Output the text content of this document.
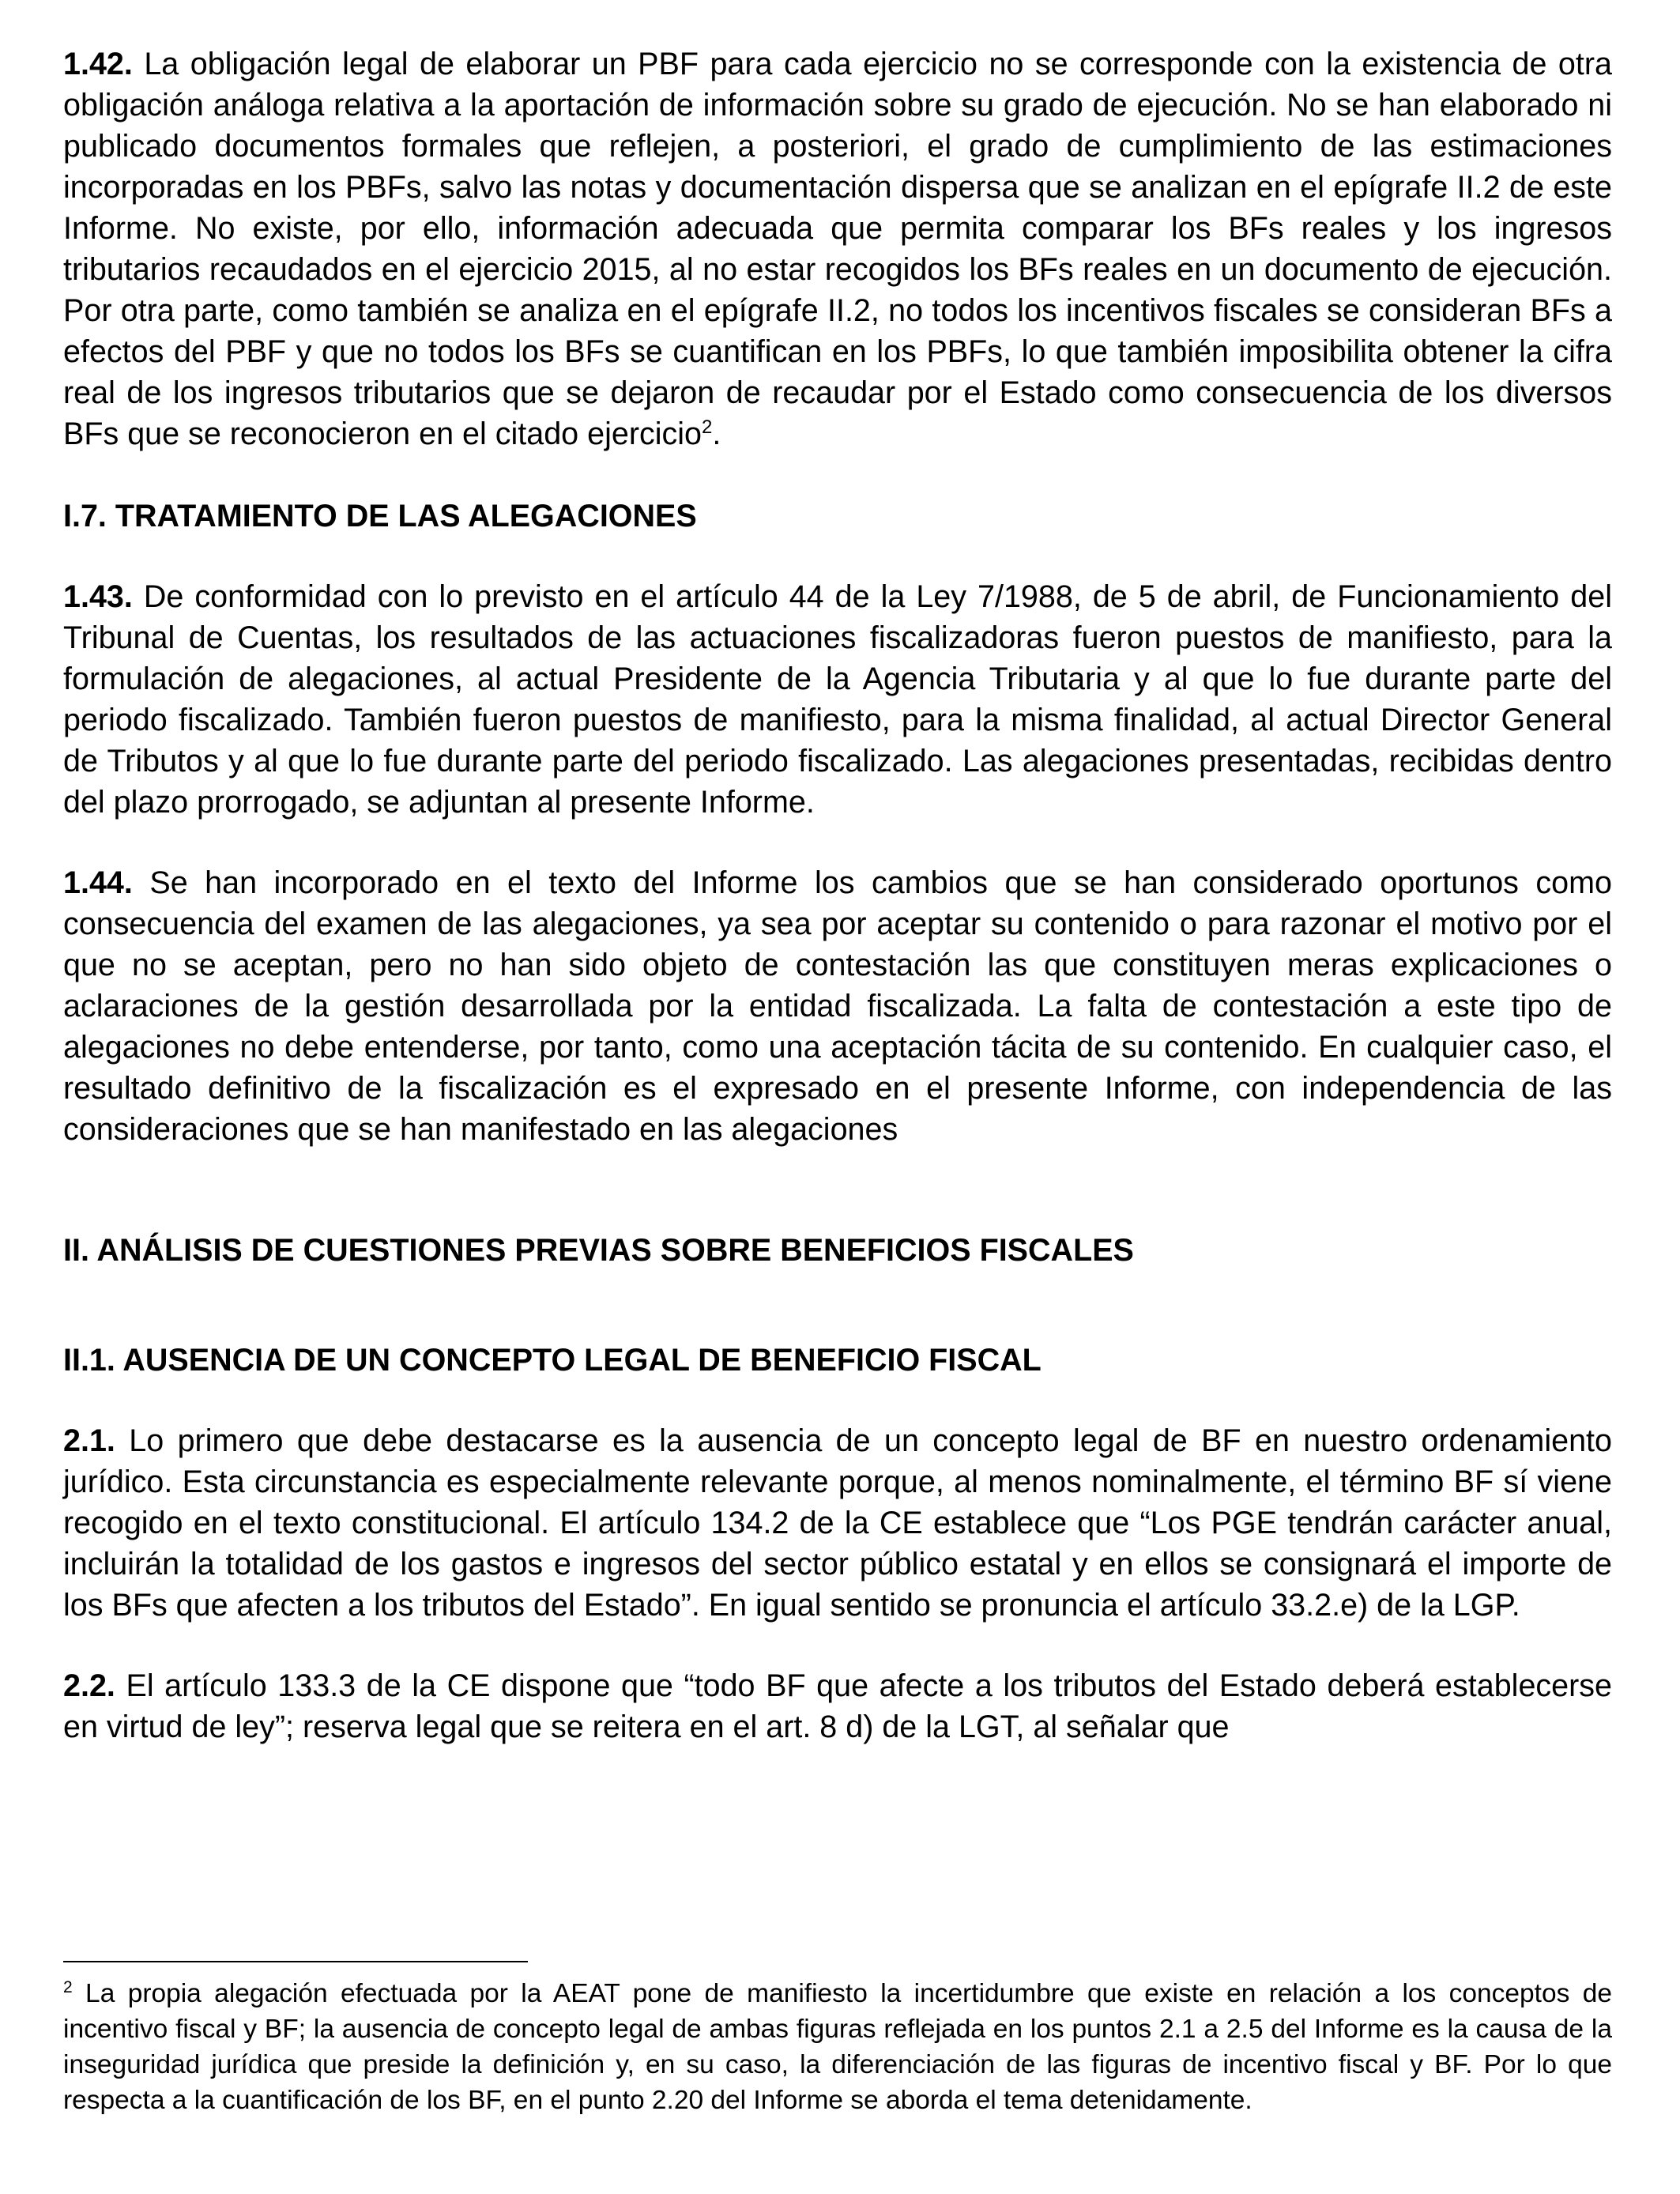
1.42. La obligación legal de elaborar un PBF para cada ejercicio no se corresponde con la existencia de otra obligación análoga relativa a la aportación de información sobre su grado de ejecución. No se han elaborado ni publicado documentos formales que reflejen, a posteriori, el grado de cumplimiento de las estimaciones incorporadas en los PBFs, salvo las notas y documentación dispersa que se analizan en el epígrafe II.2 de este Informe. No existe, por ello, información adecuada que permita comparar los BFs reales y los ingresos tributarios recaudados en el ejercicio 2015, al no estar recogidos los BFs reales en un documento de ejecución. Por otra parte, como también se analiza en el epígrafe II.2, no todos los incentivos fiscales se consideran BFs a efectos del PBF y que no todos los BFs se cuantifican en los PBFs, lo que también imposibilita obtener la cifra real de los ingresos tributarios que se dejaron de recaudar por el Estado como consecuencia de los diversos BFs que se reconocieron en el citado ejercicio$^2$.

I.7. TRATAMIENTO DE LAS ALEGACIONES

1.43. De conformidad con lo previsto en el artículo 44 de la Ley 7/1988, de 5 de abril, de Funcionamiento del Tribunal de Cuentas, los resultados de las actuaciones fiscalizadoras fueron puestos de manifiesto, para la formulación de alegaciones, al actual Presidente de la Agencia Tributaria y al que lo fue durante parte del periodo fiscalizado. También fueron puestos de manifiesto, para la misma finalidad, al actual Director General de Tributos y al que lo fue durante parte del periodo fiscalizado. Las alegaciones presentadas, recibidas dentro del plazo prorrogado, se adjuntan al presente Informe.

1.44. Se han incorporado en el texto del Informe los cambios que se han considerado oportunos como consecuencia del examen de las alegaciones, ya sea por aceptar su contenido o para razonar el motivo por el que no se aceptan, pero no han sido objeto de contestación las que constituyen meras explicaciones o aclaraciones de la gestión desarrollada por la entidad fiscalizada. La falta de contestación a este tipo de alegaciones no debe entenderse, por tanto, como una aceptación tácita de su contenido. En cualquier caso, el resultado definitivo de la fiscalización es el expresado en el presente Informe, con independencia de las consideraciones que se han manifestado en las alegaciones

II. ANÁLISIS DE CUESTIONES PREVIAS SOBRE BENEFICIOS FISCALES
II.1. AUSENCIA DE UN CONCEPTO LEGAL DE BENEFICIO FISCAL

2.1. Lo primero que debe destacarse es la ausencia de un concepto legal de BF en nuestro ordenamiento jurídico. Esta circunstancia es especialmente relevante porque, al menos nominalmente, el término BF sí viene recogido en el texto constitucional. El artículo 134.2 de la CE establece que “Los PGE tendrán carácter anual, incluirán la totalidad de los gastos e ingresos del sector público estatal y en ellos se consignará el importe de los BFs que afecten a los tributos del Estado”. En igual sentido se pronuncia el artículo 33.2.e) de la LGP.

2.2. El artículo 133.3 de la CE dispone que “todo BF que afecte a los tributos del Estado deberá establecerse en virtud de ley”; reserva legal que se reitera en el art. 8 d) de la LGT, al señalar que

$^2$ La propia alegación efectuada por la AEAT pone de manifiesto la incertidumbre que existe en relación a los conceptos de incentivo fiscal y BF; la ausencia de concepto legal de ambas figuras reflejada en los puntos 2.1 a 2.5 del Informe es la causa de la inseguridad jurídica que preside la definición y, en su caso, la diferenciación de las figuras de incentivo fiscal y BF. Por lo que respecta a la cuantificación de los BF, en el punto 2.20 del Informe se aborda el tema detenidamente.
